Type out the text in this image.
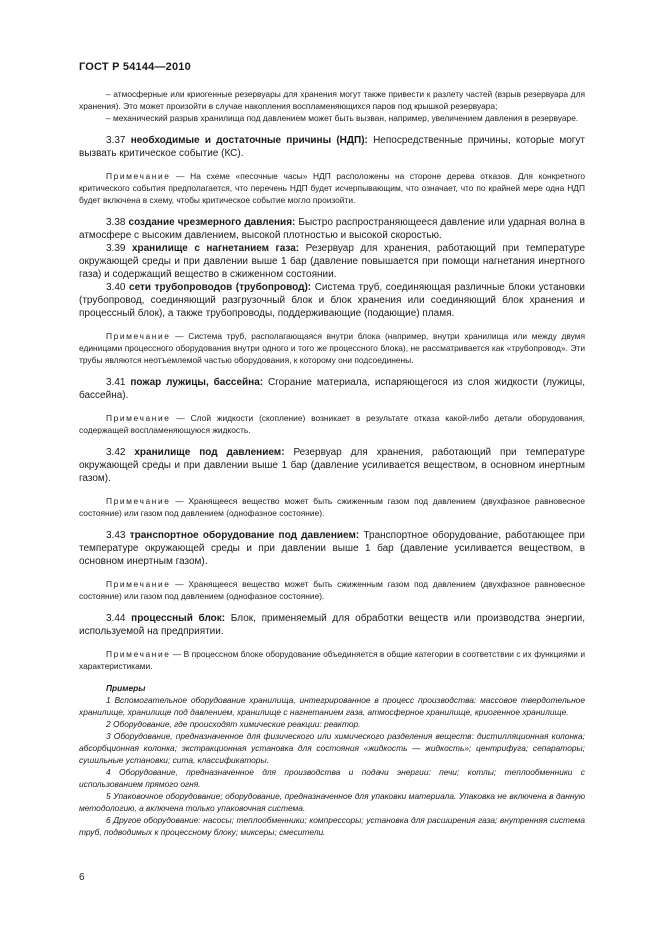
ГОСТ Р 54144—2010

– атмосферные или криогенные резервуары для хранения могут также привести к разлету частей (взрыв резервуара для хранения). Это может произойти в случае накопления воспламеняющихся паров под крышкой резервуара;

– механический разрыв хранилища под давлением может быть вызван, например, увеличением давления в резервуаре.

3.37 необходимые и достаточные причины (НДП): Непосредственные причины, которые могут вызвать критическое событие (КС).

Примечание — На схеме «песочные часы» НДП расположены на стороне дерева отказов. Для конкретного критического события предполагается, что перечень НДП будет исчерпывающим, что означает, что по крайней мере одна НДП будет включена в схему, чтобы критическое событие могло произойти.

3.38 создание чрезмерного давления: Быстро распространяющееся давление или ударная волна в атмосфере с высоким давлением, высокой плотностью и высокой скоростью.

3.39 хранилище с нагнетанием газа: Резервуар для хранения, работающий при температуре окружающей среды и при давлении выше 1 бар (давление повышается при помощи нагнетания инертного газа) и содержащий вещество в сжиженном состоянии.

3.40 сети трубопроводов (трубопровод): Система труб, соединяющая различные блоки установки (трубопровод, соединяющий разгрузочный блок и блок хранения или соединяющий блок хранения и процессный блок), а также трубопроводы, поддерживающие (подающие) пламя.

Примечание — Система труб, располагающаяся внутри блока (например, внутри хранилища или между двумя единицами процессного оборудования внутри одного и того же процессного блока), не рассматривается как «трубопровод». Эти трубы являются неотъемлемой частью оборудования, к которому они подсоединены.

3.41 пожар лужицы, бассейна: Сгорание материала, испаряющегося из слоя жидкости (лужицы, бассейна).

Примечание — Слой жидкости (скопление) возникает в результате отказа какой-либо детали оборудования, содержащей воспламеняющуюся жидкость.

3.42 хранилище под давлением: Резервуар для хранения, работающий при температуре окружающей среды и при давлении выше 1 бар (давление усиливается веществом, в основном инертным газом).

Примечание — Хранящееся вещество может быть сжиженным газом под давлением (двухфазное равновесное состояние) или газом под давлением (однофазное состояние).

3.43 транспортное оборудование под давлением: Транспортное оборудование, работающее при температуре окружающей среды и при давлении выше 1 бар (давление усиливается веществом, в основном инертным газом).

Примечание — Хранящееся вещество может быть сжиженным газом под давлением (двухфазное равновесное состояние) или газом под давлением (однофазное состояние).

3.44 процессный блок: Блок, применяемый для обработки веществ или производства энергии, используемой на предприятии.

Примечание — В процессном блоке оборудование объединяется в общие категории в соответствии с их функциями и характеристиками.

Примеры

1 Вспомогательное оборудование хранилища, интегрированное в процесс производства: массовое твердотельное хранилище, хранилище под давлением, хранилище с нагнетанием газа, атмосферное хранилище, криогенное хранилище.

2 Оборудование, где происходят химические реакции: реактор.

3 Оборудование, предназначенное для физического или химического разделения веществ: дистилляционная колонка; абсорбционная колонка; экстракционная установка для состояния «жидкость — жидкость»; центрифуга; сепараторы; сушильные установки; сита, классификаторы.

4 Оборудование, предназначенное для производства и подачи энергии: печи; котлы; теплообменники с использованием прямого огня.

5 Упаковочное оборудование; оборудование, предназначенное для упаковки материала. Упаковка не включена в данную методологию, а включена только упаковочная система.

6 Другое оборудование: насосы; теплообменники; компрессоры; установка для расширения газа; внутренняя система труб, подводимых к процессному блоку; миксеры; смесители.

6
